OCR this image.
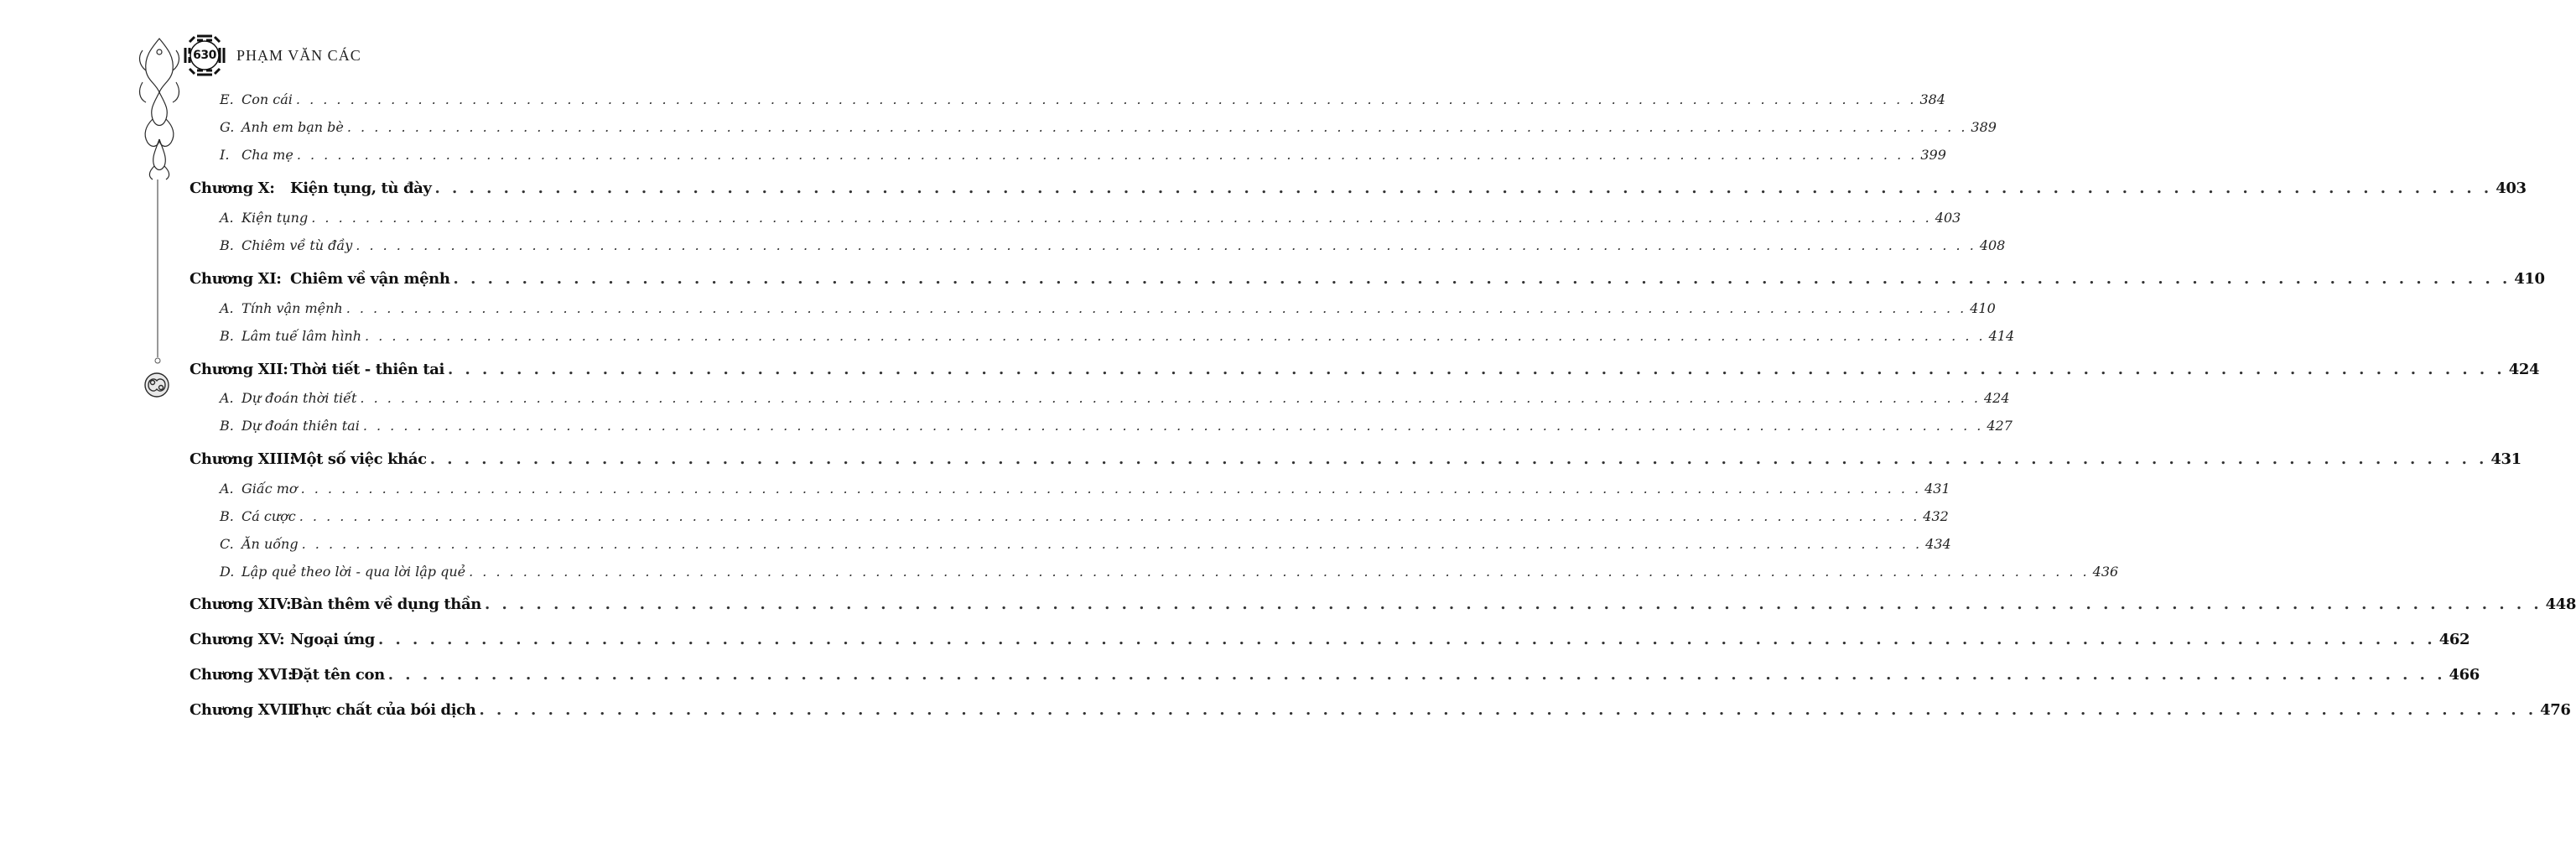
630	PHẠM VĂN CÁC
E. Con cái . . . . . . . . . . . . . . . . . . . . . . . . . . . . . . . . . . . . . . . . . . . . . . . . . . . . . . . . . . . . . . . . . . . . . . . . . . . . . . . . . . . . . . . . . . . . . . . . . . . . . . . . . . . . . . . . . . . . . . . . 384
G. Anh em bạn bè . . . . . . . . . . . . . . . . . . . . . . . . . . . . . . . . . . . . . . . . . . . . . . . . . . . . . . . . . . . . . . . . . . . . . . . . . . . . . . . . . . . . . . . . . . . . . . . . . . . . . . . . . . . . . . . . . . . . . . . . 389
I. Cha mẹ . . . . . . . . . . . . . . . . . . . . . . . . . . . . . . . . . . . . . . . . . . . . . . . . . . . . . . . . . . . . . . . . . . . . . . . . . . . . . . . . . . . . . . . . . . . . . . . . . . . . . . . . . . . . . . . . . . . . . . . . 399
Chương X:	Kiện tụng, tù đày . . . . . . . . . . . . . . . . . . . . . . . . . . . . . . . . . . . . . . . . . . . . . . . . . . . . . . . . . . . . . . . . . . . . . . . . . . . . . . . . . . . . . . . . . . . . . . . . . . . . . . . . . . . . . . . . . . . . . . . . 403
A. Kiện tụng . . . . . . . . . . . . . . . . . . . . . . . . . . . . . . . . . . . . . . . . . . . . . . . . . . . . . . . . . . . . . . . . . . . . . . . . . . . . . . . . . . . . . . . . . . . . . . . . . . . . . . . . . . . . . . . . . . . . . . . . 403
B. Chiêm về tù đầy . . . . . . . . . . . . . . . . . . . . . . . . . . . . . . . . . . . . . . . . . . . . . . . . . . . . . . . . . . . . . . . . . . . . . . . . . . . . . . . . . . . . . . . . . . . . . . . . . . . . . . . . . . . . . . . . . . . . . . . . 408
Chương XI: Chiêm về vận mệnh . . . . . . . . . . . . . . . . . . . . . . . . . . . . . . . . . . . . . . . . . . . . . . . . . . . . . . . . . . . . . . . . . . . . . . . . . . . . . . . . . . . . . . . . . . . . . . . . . . . . . . . . . . . . . . . . . . . . . . . . 410
A. Tính vận mệnh . . . . . . . . . . . . . . . . . . . . . . . . . . . . . . . . . . . . . . . . . . . . . . . . . . . . . . . . . . . . . . . . . . . . . . . . . . . . . . . . . . . . . . . . . . . . . . . . . . . . . . . . . . . . . . . . . . . . . . . . 410
B. Lâm tuế lâm hình . . . . . . . . . . . . . . . . . . . . . . . . . . . . . . . . . . . . . . . . . . . . . . . . . . . . . . . . . . . . . . . . . . . . . . . . . . . . . . . . . . . . . . . . . . . . . . . . . . . . . . . . . . . . . . . . . . . . . . . . 414
Chương XII: Thời tiết - thiên tai . . . . . . . . . . . . . . . . . . . . . . . . . . . . . . . . . . . . . . . . . . . . . . . . . . . . . . . . . . . . . . . . . . . . . . . . . . . . . . . . . . . . . . . . . . . . . . . . . . . . . . . . . . . . . . . . . . . . . . . . 424
A. Dự đoán thời tiết . . . . . . . . . . . . . . . . . . . . . . . . . . . . . . . . . . . . . . . . . . . . . . . . . . . . . . . . . . . . . . . . . . . . . . . . . . . . . . . . . . . . . . . . . . . . . . . . . . . . . . . . . . . . . . . . . . . . . . . . 424
B. Dự đoán thiên tai . . . . . . . . . . . . . . . . . . . . . . . . . . . . . . . . . . . . . . . . . . . . . . . . . . . . . . . . . . . . . . . . . . . . . . . . . . . . . . . . . . . . . . . . . . . . . . . . . . . . . . . . . . . . . . . . . . . . . . . . 427
Chương XIII:
Một số việc khác . . . . . . . . . . . . . . . . . . . . . . . . . . . . . . . . . . . . . . . . . . . . . . . . . . . . . . . . . . . . . . . . . . . . . . . . . . . . . . . . . . . . . . . . . . . . . . . . . . . . . . . . . . . . . . . . . . . . . . . . 431
A. Giấc mơ . . . . . . . . . . . . . . . . . . . . . . . . . . . . . . . . . . . . . . . . . . . . . . . . . . . . . . . . . . . . . . . . . . . . . . . . . . . . . . . . . . . . . . . . . . . . . . . . . . . . . . . . . . . . . . . . . . . . . . . . 431
B. Cá cược . . . . . . . . . . . . . . . . . . . . . . . . . . . . . . . . . . . . . . . . . . . . . . . . . . . . . . . . . . . . . . . . . . . . . . . . . . . . . . . . . . . . . . . . . . . . . . . . . . . . . . . . . . . . . . . . . . . . . . . . 432
C. Ăn uống . . . . . . . . . . . . . . . . . . . . . . . . . . . . . . . . . . . . . . . . . . . . . . . . . . . . . . . . . . . . . . . . . . . . . . . . . . . . . . . . . . . . . . . . . . . . . . . . . . . . . . . . . . . . . . . . . . . . . . . . 434
D. Lập quẻ theo lời - qua lời lập quẻ . . . . . . . . . . . . . . . . . . . . . . . . . . . . . . . . . . . . . . . . . . . . . . . . . . . . . . . . . . . . . . . . . . . . . . . . . . . . . . . . . . . . . . . . . . . . . . . . . . . . . . . . . . . . . . . . . . . . . . . . 436
Chương XIV:
Bàn thêm về dụng thần . . . . . . . . . . . . . . . . . . . . . . . . . . . . . . . . . . . . . . . . . . . . . . . . . . . . . . . . . . . . . . . . . . . . . . . . . . . . . . . . . . . . . . . . . . . . . . . . . . . . . . . . . . . . . . . . . . . . . . . . 448
Chương XV: Ngoại ứng . . . . . . . . . . . . . . . . . . . . . . . . . . . . . . . . . . . . . . . . . . . . . . . . . . . . . . . . . . . . . . . . . . . . . . . . . . . . . . . . . . . . . . . . . . . . . . . . . . . . . . . . . . . . . . . . . . . . . . . . 462
Chương XVI:
Đặt tên con . . . . . . . . . . . . . . . . . . . . . . . . . . . . . . . . . . . . . . . . . . . . . . . . . . . . . . . . . . . . . . . . . . . . . . . . . . . . . . . . . . . . . . . . . . . . . . . . . . . . . . . . . . . . . . . . . . . . . . . . 466
Chương XVII:
Thực chất của bói dịch . . . . . . . . . . . . . . . . . . . . . . . . . . . . . . . . . . . . . . . . . . . . . . . . . . . . . . . . . . . . . . . . . . . . . . . . . . . . . . . . . . . . . . . . . . . . . . . . . . . . . . . . . . . . . . . . . . . . . . . . 476
